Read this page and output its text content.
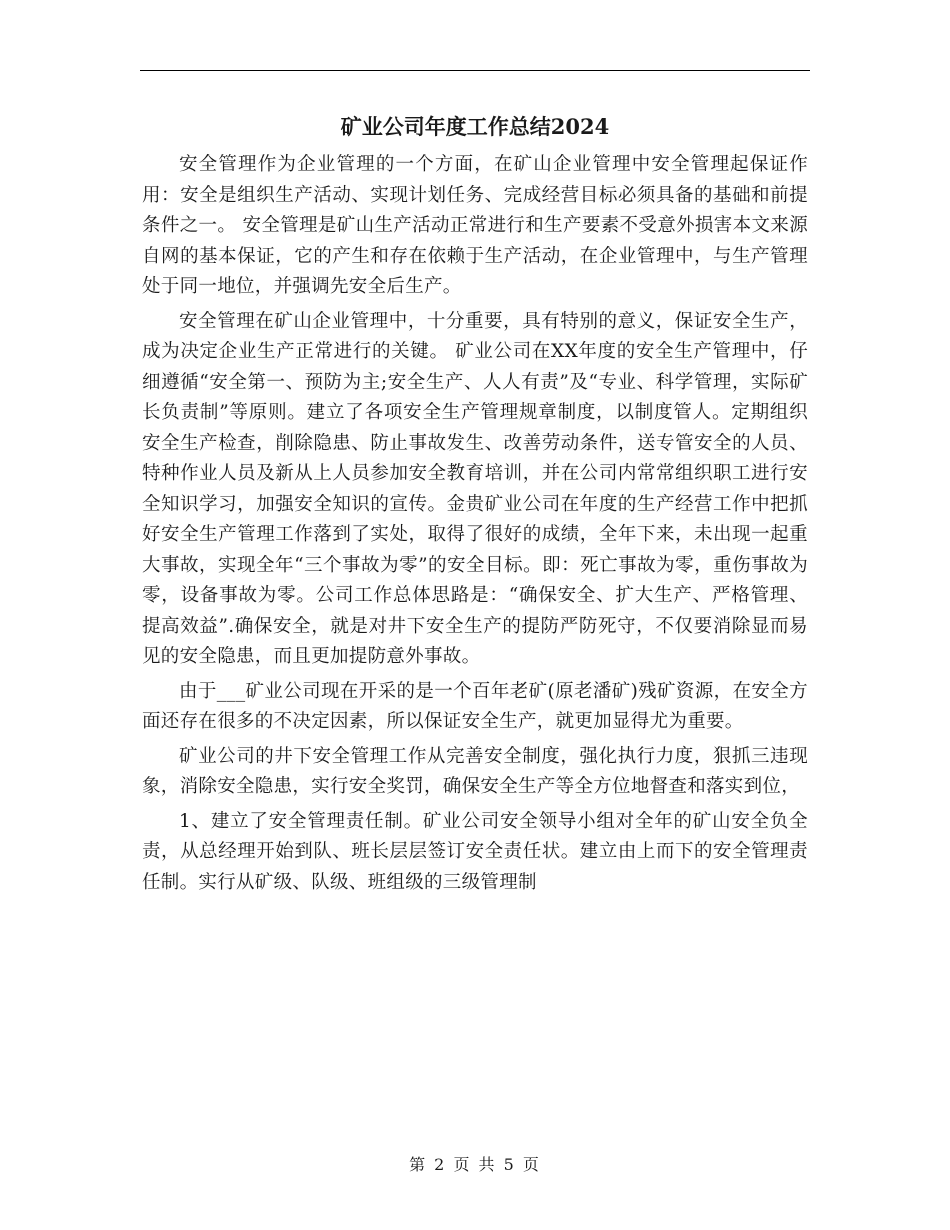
矿业公司年度工作总结2024

安全管理作为企业管理的一个方面，在矿山企业管理中安全管理起保证作用：安全是组织生产活动、实现计划任务、完成经营目标必须具备的基础和前提条件之一。 安全管理是矿山生产活动正常进行和生产要素不受意外损害本文来源自网的基本保证，它的产生和存在依赖于生产活动，在企业管理中，与生产管理处于同一地位，并强调先安全后生产。

安全管理在矿山企业管理中，十分重要，具有特别的意义，保证安全生产，成为决定企业生产正常进行的关键。 矿业公司在XX年度的安全生产管理中，仔细遵循“安全第一、预防为主;安全生产、人人有责”及“专业、科学管理，实际矿长负责制”等原则。建立了各项安全生产管理规章制度，以制度管人。定期组织安全生产检查，削除隐患、防止事故发生、改善劳动条件，送专管安全的人员、特种作业人员及新从上人员参加安全教育培训，并在公司内常常组织职工进行安全知识学习，加强安全知识的宣传。金贵矿业公司在年度的生产经营工作中把抓好安全生产管理工作落到了实处，取得了很好的成绩，全年下来，未出现一起重大事故，实现全年“三个事故为零”的安全目标。即：死亡事故为零，重伤事故为零，设备事故为零。公司工作总体思路是：“确保安全、扩大生产、严格管理、提高效益”.确保安全，就是对井下安全生产的提防严防死守，不仅要消除显而易见的安全隐患，而且更加提防意外事故。

由于___矿业公司现在开采的是一个百年老矿(原老潘矿)残矿资源，在安全方面还存在很多的不决定因素，所以保证安全生产，就更加显得尤为重要。

矿业公司的井下安全管理工作从完善安全制度，强化执行力度，狠抓三违现象，消除安全隐患，实行安全奖罚，确保安全生产等全方位地督查和落实到位，

1、建立了安全管理责任制。矿业公司安全领导小组对全年的矿山安全负全责，从总经理开始到队、班长层层签订安全责任状。建立由上而下的安全管理责任制。实行从矿级、队级、班组级的三级管理制

第 2 页 共 5 页
